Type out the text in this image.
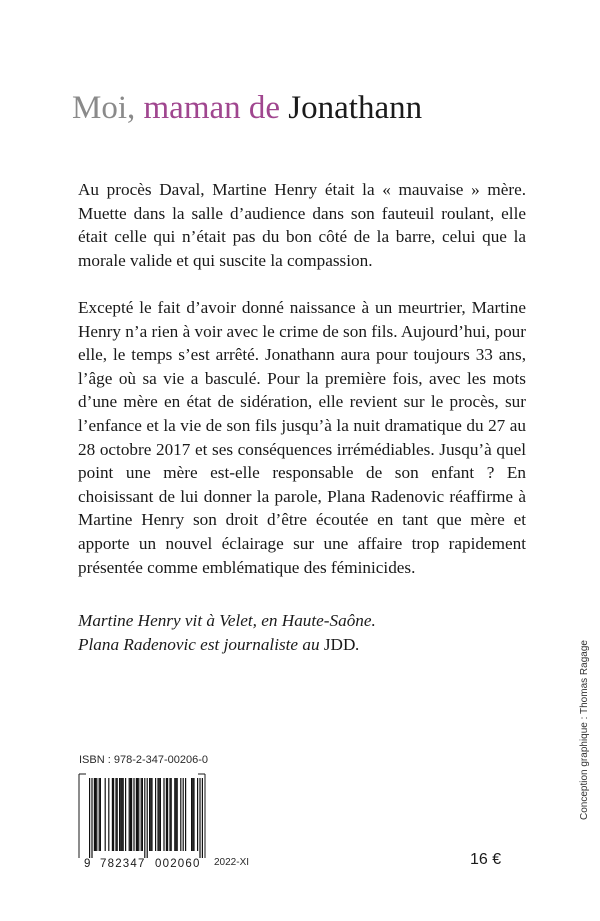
Moi, maman de Jonathann

Au procès Daval, Martine Henry était la « mauvaise » mère. Muette dans la salle d’audience dans son fauteuil roulant, elle était celle qui n’était pas du bon côté de la barre, celui que la morale valide et qui suscite la compassion.

Excepté le fait d’avoir donné naissance à un meurtrier, Martine Henry n’a rien à voir avec le crime de son fils. Aujourd’hui, pour elle, le temps s’est arrêté. Jonathann aura pour toujours 33 ans, l’âge où sa vie a basculé. Pour la première fois, avec les mots d’une mère en état de sidération, elle revient sur le procès, sur l’enfance et la vie de son fils jusqu’à la nuit dramatique du 27 au 28 octobre 2017 et ses conséquences irrémédiables. Jusqu’à quel point une mère est-elle responsable de son enfant ? En choisissant de lui donner la parole, Plana Radenovic réaffirme à Martine Henry son droit d’être écoutée en tant que mère et apporte un nouvel éclairage sur une affaire trop rapidement présentée comme emblématique des féminicides.

Martine Henry vit à Velet, en Haute-Saône.
Plana Radenovic est journaliste au JDD.	Conception graphique : Thomas Ragage
ISBN : 978-2-347-00206-0
9 782347 002060 2022-XI	16 €
